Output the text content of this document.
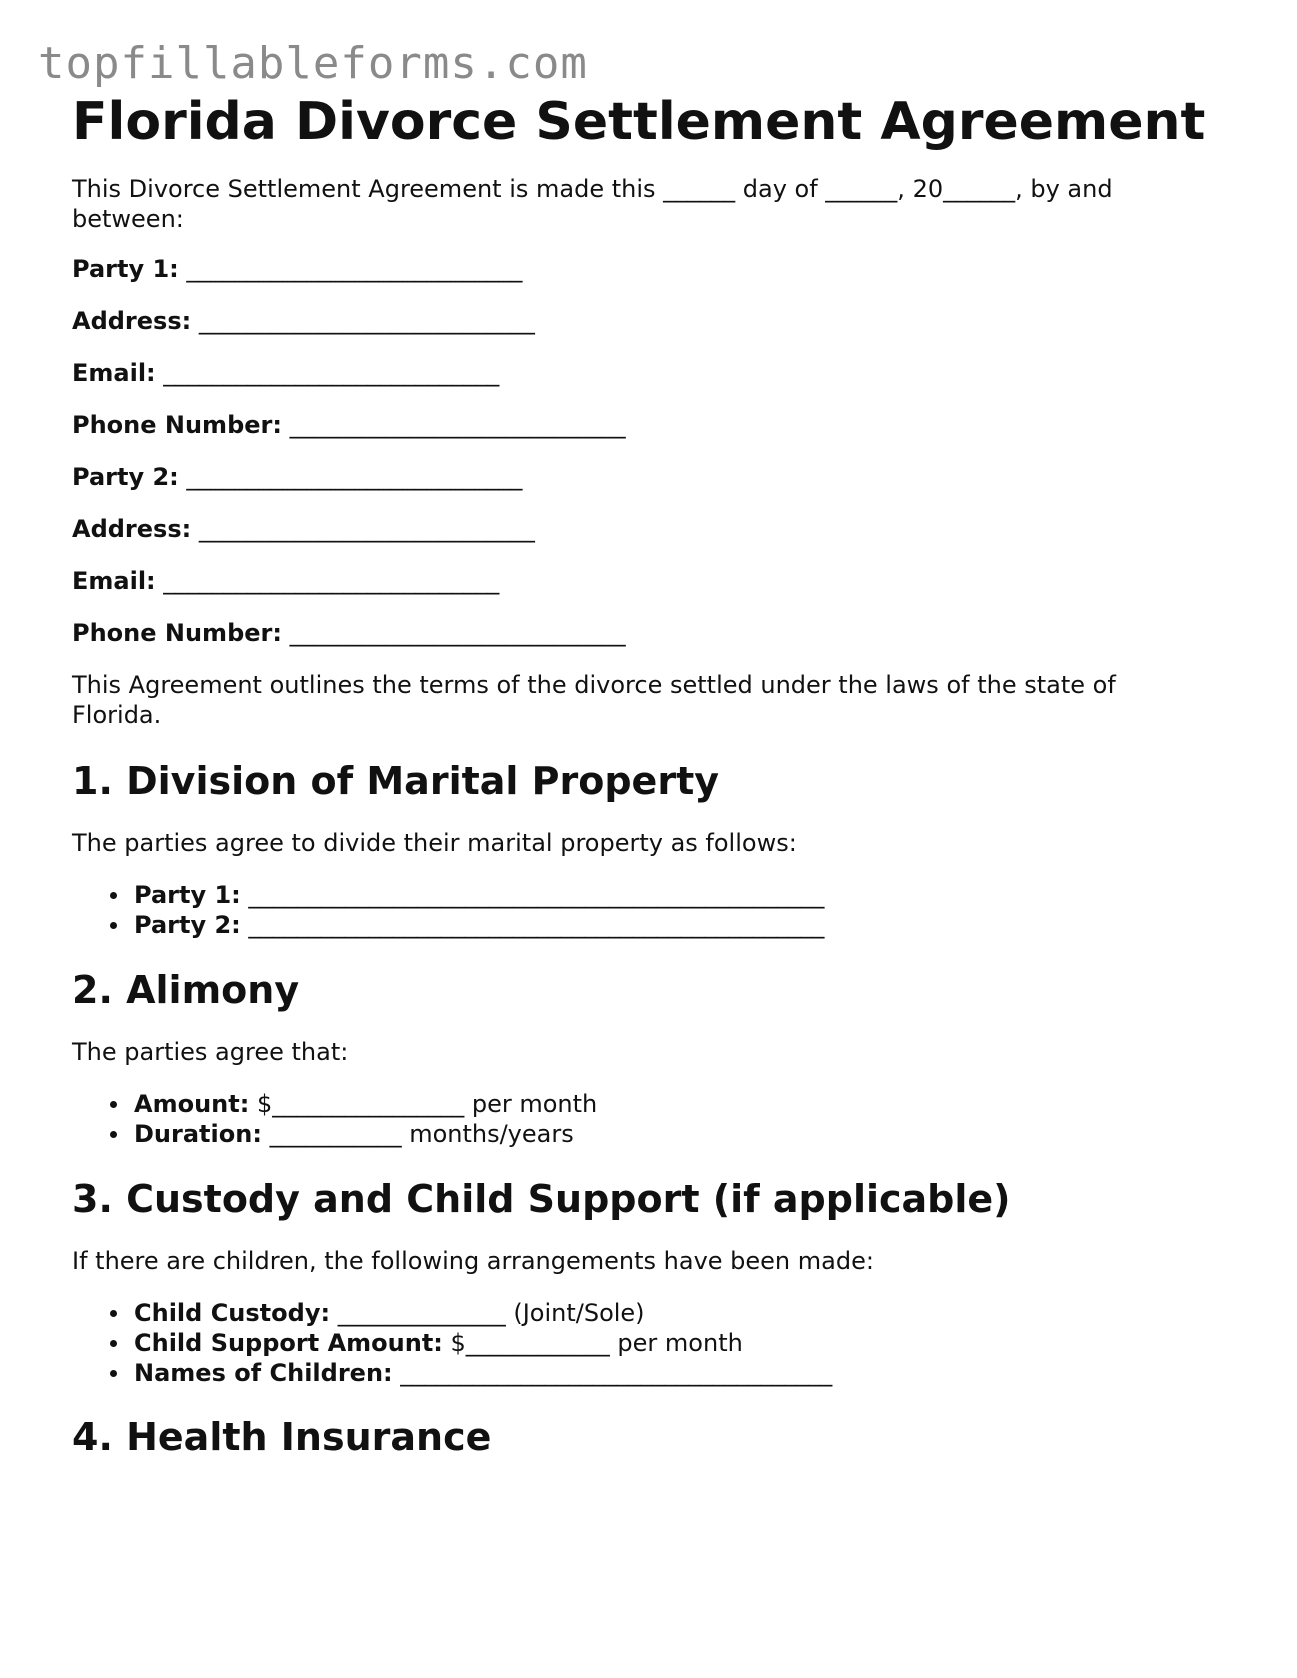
topfillableforms.com
Florida Divorce Settlement Agreement

This Divorce Settlement Agreement is made this ______ day of ______, 20______, by and between:

Party 1: ____________________________
Address: ____________________________
Email: ____________________________
Phone Number: ____________________________
Party 2: ____________________________
Address: ____________________________
Email: ____________________________
Phone Number: ____________________________

This Agreement outlines the terms of the divorce settled under the laws of the state of Florida.

1. Division of Marital Property

The parties agree to divide their marital property as follows:

Party 1: ________________________________________________
Party 2: ________________________________________________
2. Alimony

The parties agree that:

Amount: $________________ per month
Duration: ___________ months/years
3. Custody and Child Support (if applicable)

If there are children, the following arrangements have been made:

Child Custody: ______________ (Joint/Sole)
Child Support Amount: $____________ per month
Names of Children: ____________________________________
4. Health Insurance
